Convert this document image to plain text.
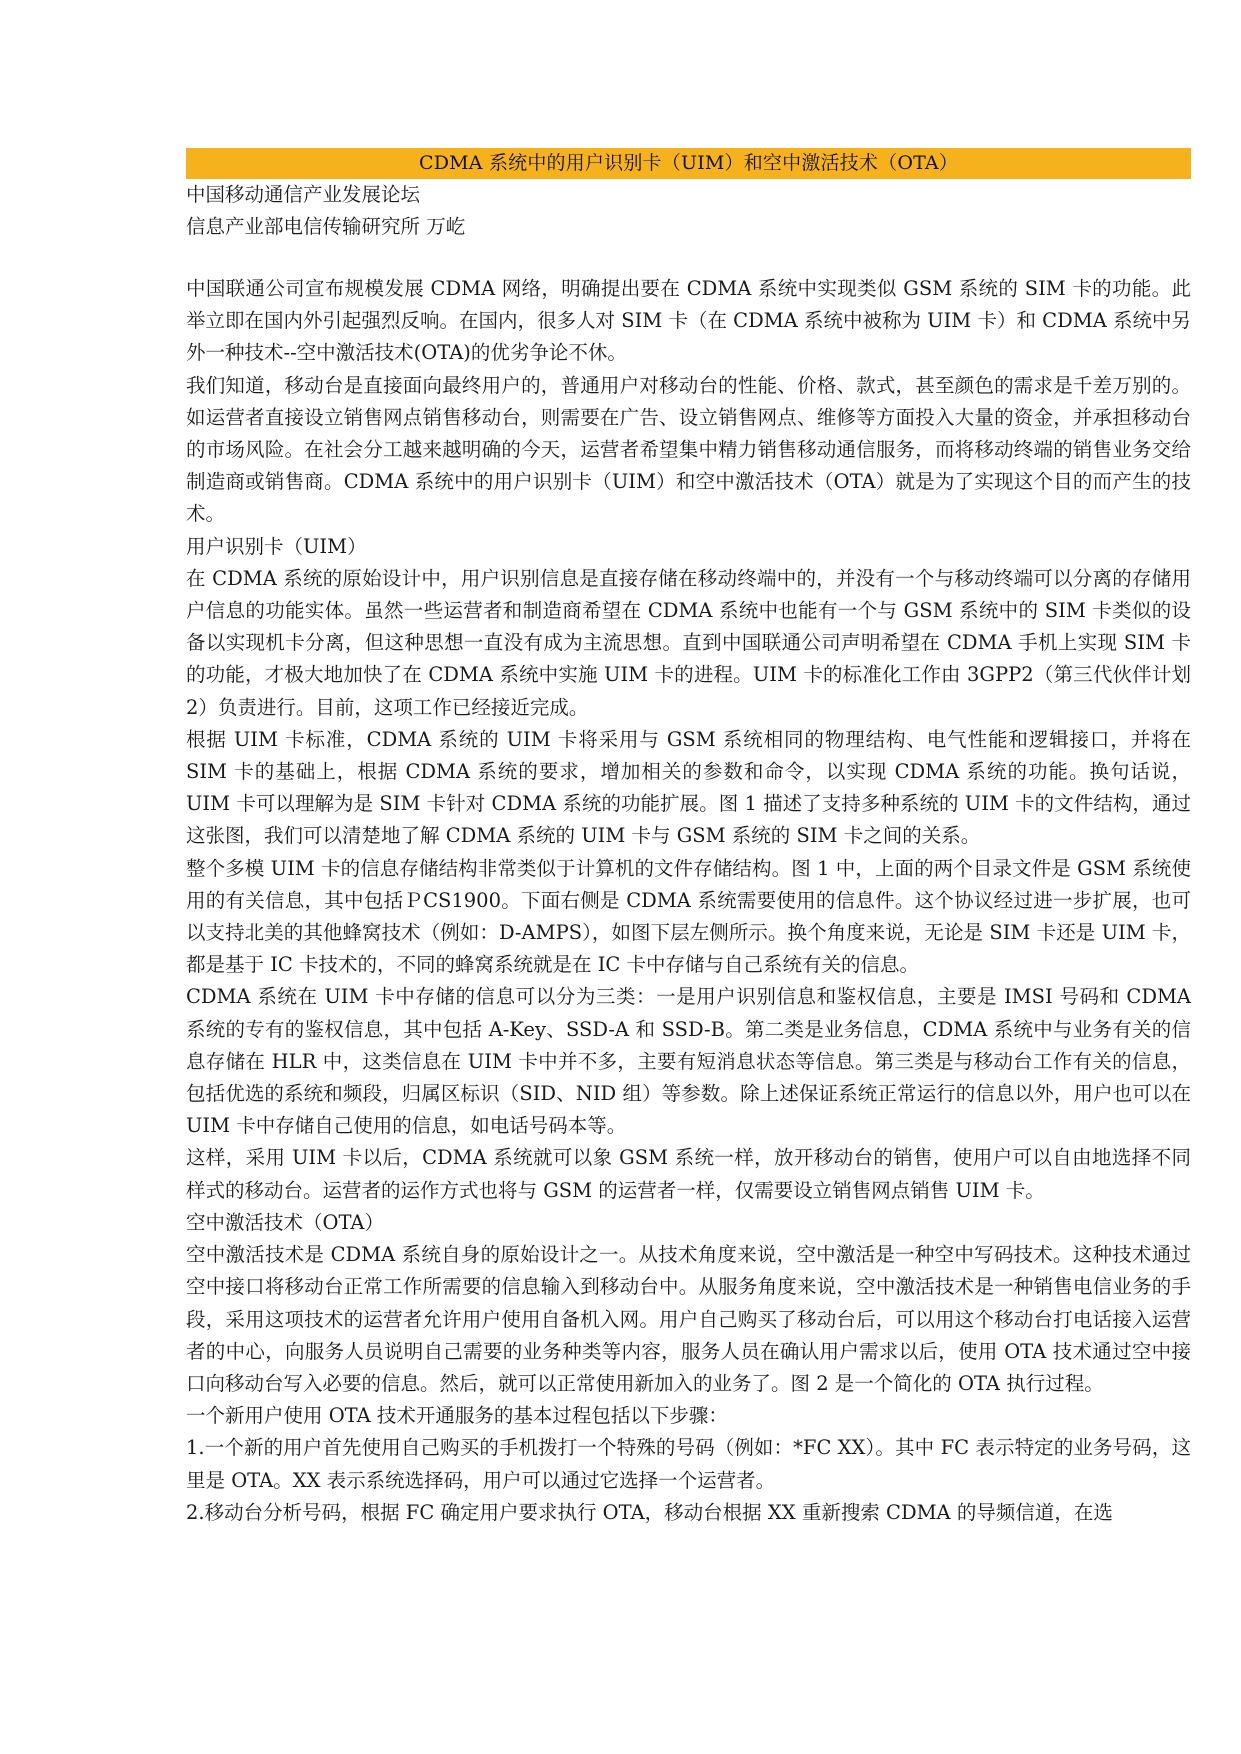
CDMA 系统中的用户识别卡（UIM）和空中激活技术（OTA）

中国移动通信产业发展论坛

信息产业部电信传输研究所 万屹

中国联通公司宣布规模发展 CDMA 网络，明确提出要在 CDMA 系统中实现类似 GSM 系统的 SIM 卡的功能。此举立即在国内外引起强烈反响。在国内，很多人对 SIM 卡（在 CDMA 系统中被称为 UIM 卡）和 CDMA 系统中另外一种技术--空中激活技术(OTA)的优劣争论不休。

我们知道，移动台是直接面向最终用户的，普通用户对移动台的性能、价格、款式，甚至颜色的需求是千差万别的。如运营者直接设立销售网点销售移动台，则需要在广告、设立销售网点、维修等方面投入大量的资金，并承担移动台的市场风险。在社会分工越来越明确的今天，运营者希望集中精力销售移动通信服务，而将移动终端的销售业务交给制造商或销售商。CDMA 系统中的用户识别卡（UIM）和空中激活技术（OTA）就是为了实现这个目的而产生的技术。

用户识别卡（UIM）

在 CDMA 系统的原始设计中，用户识别信息是直接存储在移动终端中的，并没有一个与移动终端可以分离的存储用户信息的功能实体。虽然一些运营者和制造商希望在 CDMA 系统中也能有一个与 GSM 系统中的 SIM 卡类似的设备以实现机卡分离，但这种思想一直没有成为主流思想。直到中国联通公司声明希望在 CDMA 手机上实现 SIM 卡的功能，才极大地加快了在 CDMA 系统中实施 UIM 卡的进程。UIM 卡的标准化工作由 3GPP2（第三代伙伴计划 2）负责进行。目前，这项工作已经接近完成。

根据 UIM 卡标准，CDMA 系统的 UIM 卡将采用与 GSM 系统相同的物理结构、电气性能和逻辑接口，并将在 SIM 卡的基础上，根据 CDMA 系统的要求，增加相关的参数和命令，以实现 CDMA 系统的功能。换句话说，UIM 卡可以理解为是 SIM 卡针对 CDMA 系统的功能扩展。图 1 描述了支持多种系统的 UIM 卡的文件结构，通过这张图，我们可以清楚地了解 CDMA 系统的 UIM 卡与 GSM 系统的 SIM 卡之间的关系。

整个多模 UIM 卡的信息存储结构非常类似于计算机的文件存储结构。图 1 中，上面的两个目录文件是 GSM 系统使用的有关信息，其中包括ＰCS1900。下面右侧是 CDMA 系统需要使用的信息件。这个协议经过进一步扩展，也可以支持北美的其他蜂窝技术（例如：D-AMPS），如图下层左侧所示。换个角度来说，无论是 SIM 卡还是 UIM 卡，都是基于 IC 卡技术的，不同的蜂窝系统就是在 IC 卡中存储与自己系统有关的信息。

CDMA 系统在 UIM 卡中存储的信息可以分为三类：一是用户识别信息和鉴权信息，主要是 IMSI 号码和 CDMA 系统的专有的鉴权信息，其中包括 A-Key、SSD-A 和 SSD-B。第二类是业务信息，CDMA 系统中与业务有关的信息存储在 HLR 中，这类信息在 UIM 卡中并不多，主要有短消息状态等信息。第三类是与移动台工作有关的信息，包括优选的系统和频段，归属区标识（SID、NID 组）等参数。除上述保证系统正常运行的信息以外，用户也可以在 UIM 卡中存储自己使用的信息，如电话号码本等。

这样，采用 UIM 卡以后，CDMA 系统就可以象 GSM 系统一样，放开移动台的销售，使用户可以自由地选择不同样式的移动台。运营者的运作方式也将与 GSM 的运营者一样，仅需要设立销售网点销售 UIM 卡。

空中激活技术（OTA）

空中激活技术是 CDMA 系统自身的原始设计之一。从技术角度来说，空中激活是一种空中写码技术。这种技术通过空中接口将移动台正常工作所需要的信息输入到移动台中。从服务角度来说，空中激活技术是一种销售电信业务的手段，采用这项技术的运营者允许用户使用自备机入网。用户自己购买了移动台后，可以用这个移动台打电话接入运营者的中心，向服务人员说明自己需要的业务种类等内容，服务人员在确认用户需求以后，使用 OTA 技术通过空中接口向移动台写入必要的信息。然后，就可以正常使用新加入的业务了。图 2 是一个简化的 OTA 执行过程。

一个新用户使用 OTA 技术开通服务的基本过程包括以下步骤：

1.一个新的用户首先使用自己购买的手机拨打一个特殊的号码（例如：*FC XX）。其中 FC 表示特定的业务号码，这里是 OTA。XX 表示系统选择码，用户可以通过它选择一个运营者。

2.移动台分析号码，根据 FC 确定用户要求执行 OTA，移动台根据 XX 重新搜索 CDMA 的导频信道，在选
